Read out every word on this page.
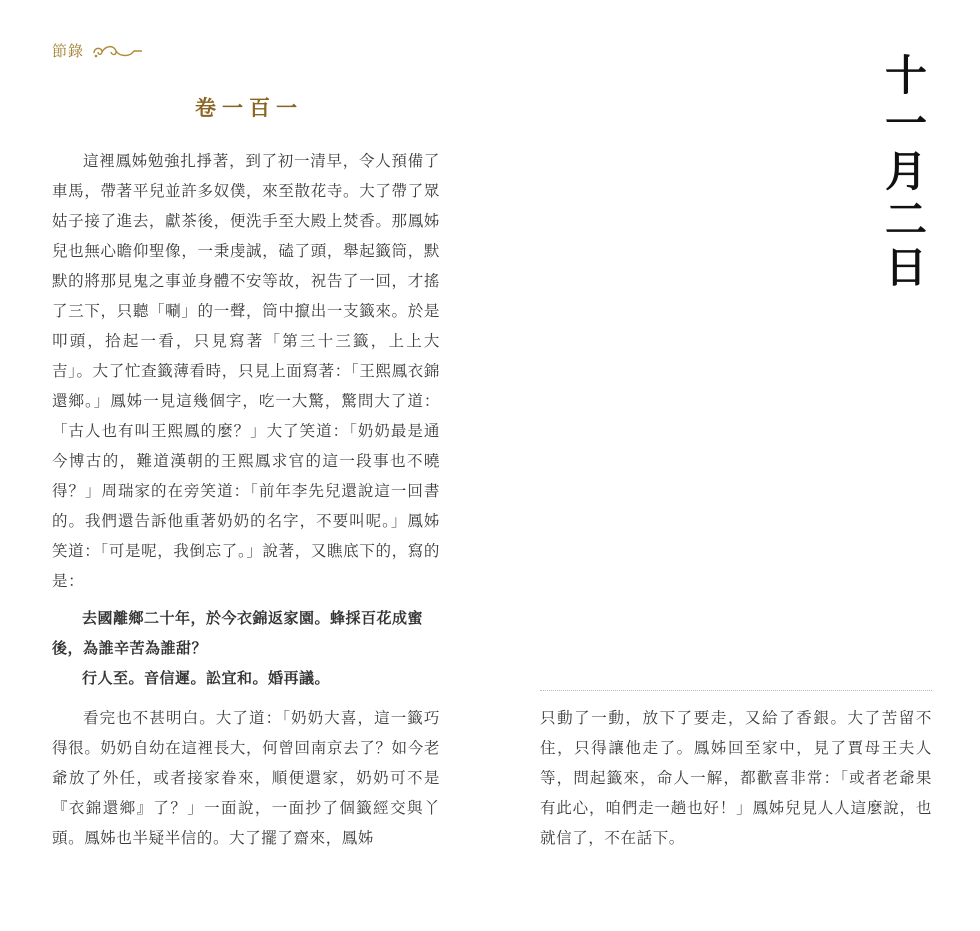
節錄
卷一百一

這裡鳳姊勉強扎掙著，到了初一清早，令人預備了車馬，帶著平兒並許多奴僕，來至散花寺。大了帶了眾姑子接了進去，獻茶後，便洗手至大殿上焚香。那鳳姊兒也無心瞻仰聖像，一秉虔誠，磕了頭，舉起籤筒，默默的將那見鬼之事並身體不安等故，祝告了一回，才搖了三下，只聽「唰」的一聲，筒中攛出一支籤來。於是叩頭，拾起一看，只見寫著「第三十三籤，上上大吉」。大了忙查籤薄看時，只見上面寫著：「王熙鳳衣錦還鄉。」鳳姊一見這幾個字，吃一大驚，驚問大了道：「古人也有叫王熙鳳的麼？」大了笑道：「奶奶最是通今博古的，難道漢朝的王熙鳳求官的這一段事也不曉得？」周瑞家的在旁笑道：「前年李先兒還說這一回書的。我們還告訴他重著奶奶的名字，不要叫呢。」鳳姊笑道：「可是呢，我倒忘了。」說著，又瞧底下的，寫的是：

去國離鄉二十年，於今衣錦返家園。蜂採百花成蜜後，為誰辛苦為誰甜？

行人至。音信遲。訟宜和。婚再議。

看完也不甚明白。大了道：「奶奶大喜，這一籤巧得很。奶奶自幼在這裡長大，何曾回南京去了？如今老爺放了外任，或者接家眷來，順便還家，奶奶可不是『衣錦還鄉』了？」一面說，一面抄了個籤經交與丫頭。鳳姊也半疑半信的。大了擺了齋來，鳳姊

只動了一動，放下了要走，又給了香銀。大了苦留不住，只得讓他走了。鳳姊回至家中，見了賈母王夫人等，問起籤來，命人一解，都歡喜非常：「或者老爺果有此心，咱們走一趟也好！」鳳姊兒見人人這麼說，也就信了，不在話下。

十
一
月
二
日
